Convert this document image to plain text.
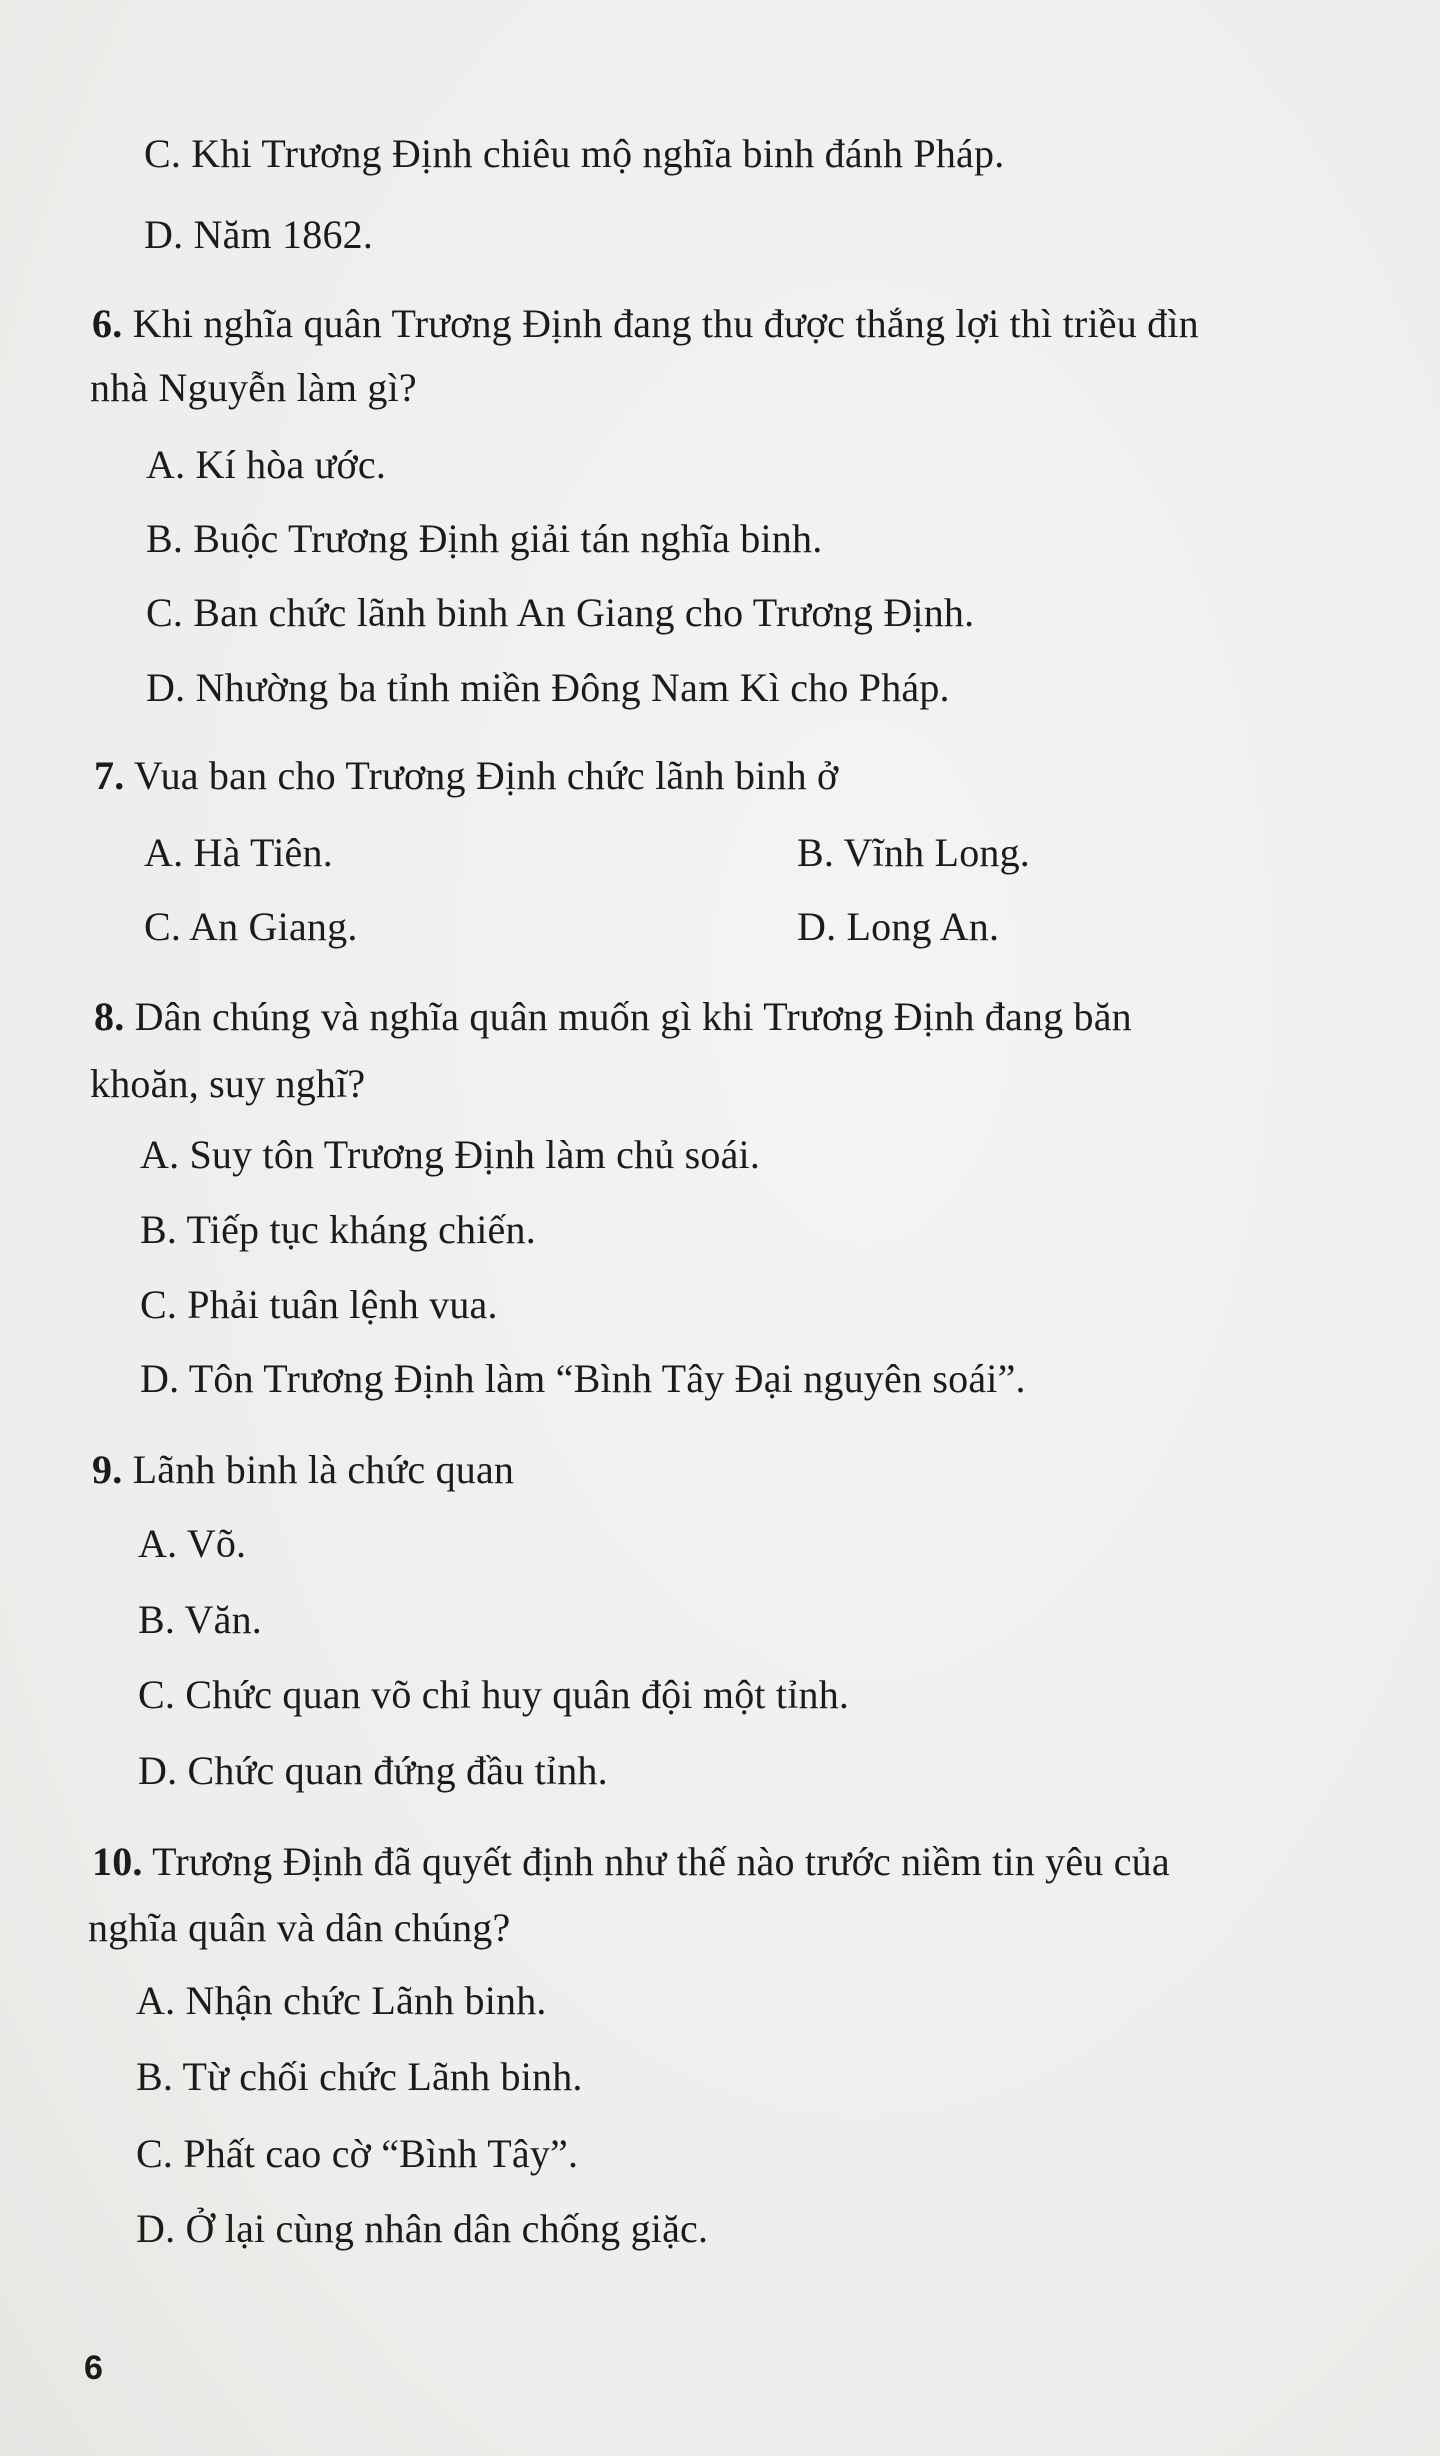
C. Khi Trương Định chiêu mộ nghĩa binh đánh Pháp.
D. Năm 1862.
6. Khi nghĩa quân Trương Định đang thu được thắng lợi thì triều đìn
nhà Nguyễn làm gì?
A. Kí hòa ước.
B. Buộc Trương Định giải tán nghĩa binh.
C. Ban chức lãnh binh An Giang cho Trương Định.
D. Nhường ba tỉnh miền Đông Nam Kì cho Pháp.
7. Vua ban cho Trương Định chức lãnh binh ở
A. Hà Tiên.	B. Vĩnh Long.
C. An Giang.	D. Long An.
8. Dân chúng và nghĩa quân muốn gì khi Trương Định đang băn
khoăn, suy nghĩ?
A. Suy tôn Trương Định làm chủ soái.
B. Tiếp tục kháng chiến.
C. Phải tuân lệnh vua.
D. Tôn Trương Định làm “Bình Tây Đại nguyên soái”.
9. Lãnh binh là chức quan
A. Võ.
B. Văn.
C. Chức quan võ chỉ huy quân đội một tỉnh.
D. Chức quan đứng đầu tỉnh.
10. Trương Định đã quyết định như thế nào trước niềm tin yêu của
nghĩa quân và dân chúng?
A. Nhận chức Lãnh binh.
B. Từ chối chức Lãnh binh.
C. Phất cao cờ “Bình Tây”.
D. Ở lại cùng nhân dân chống giặc.
6
